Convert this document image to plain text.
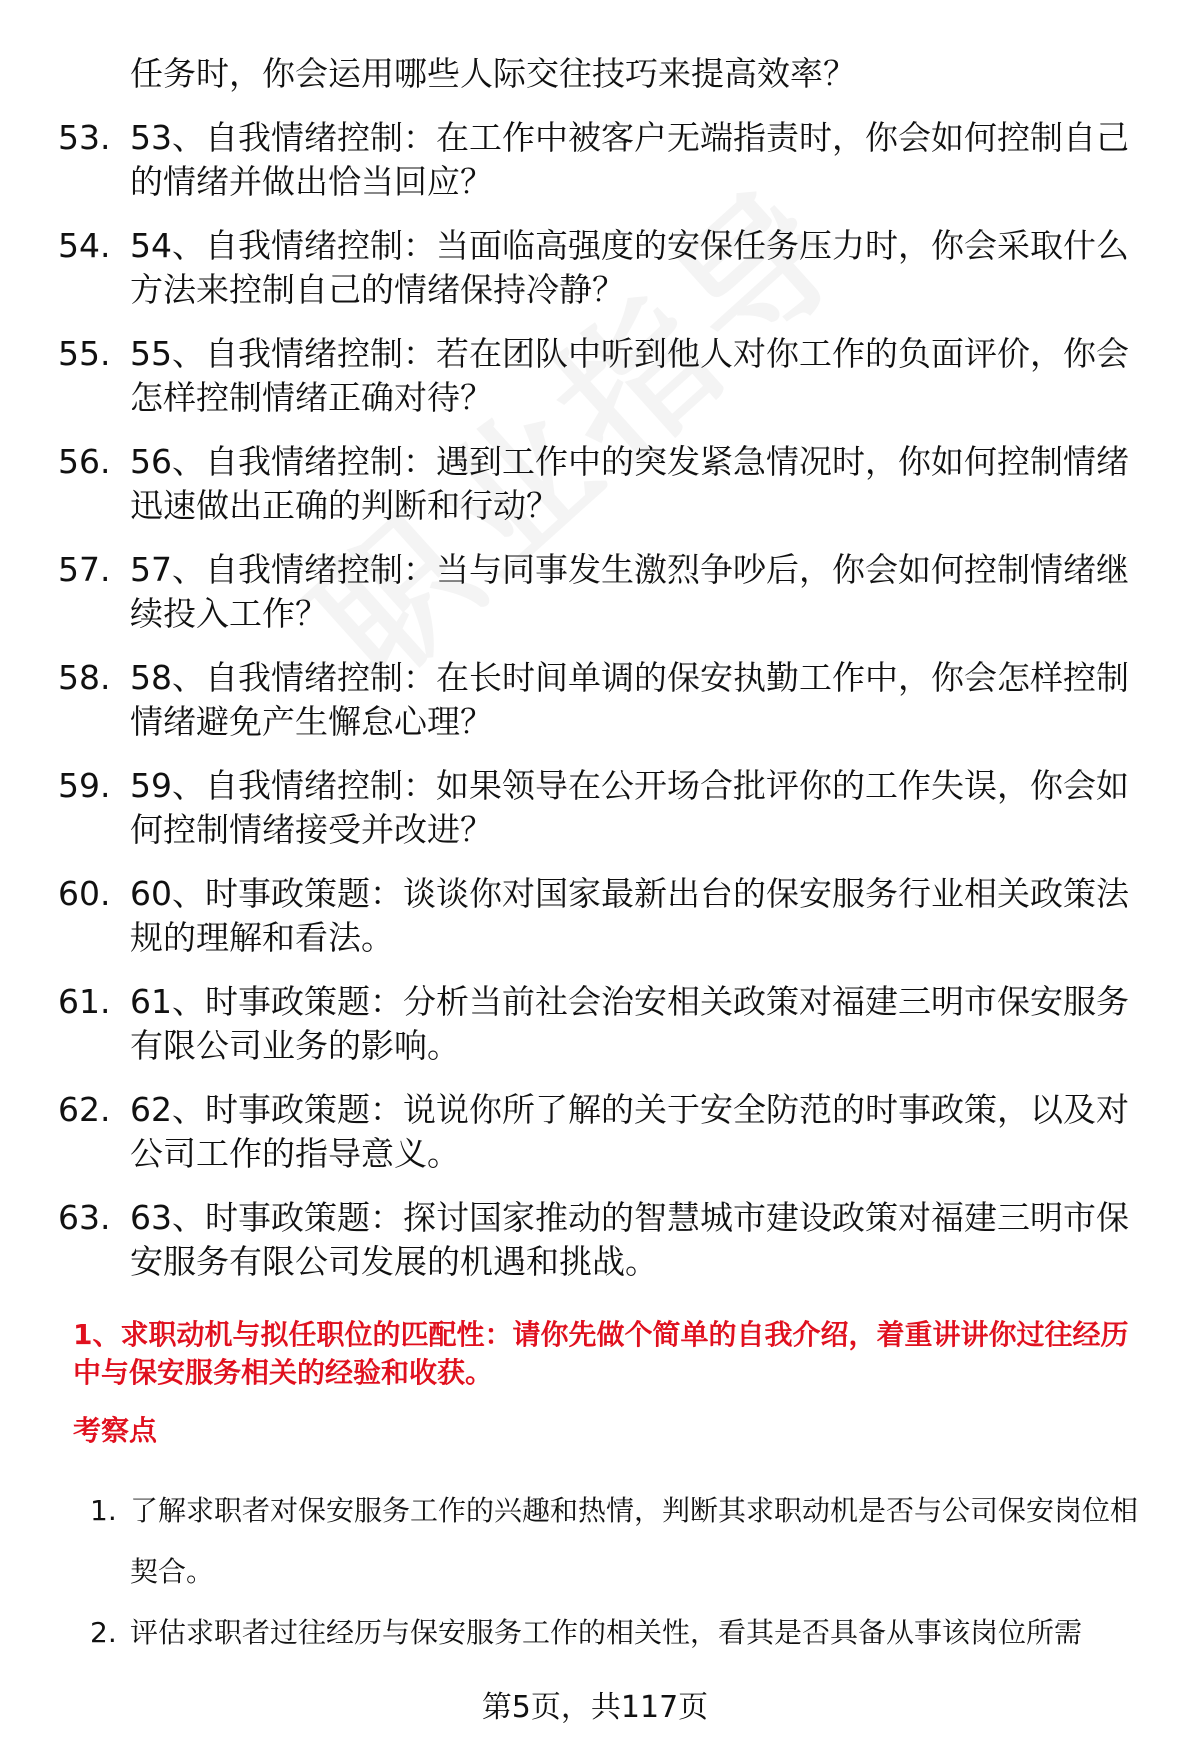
任务时，你会运用哪些人际交往技巧来提高效率？
53. 53、自我情绪控制：在工作中被客户无端指责时，你会如何控制自己的情绪并做出恰当回应？
54. 54、自我情绪控制：当面临高强度的安保任务压力时，你会采取什么方法来控制自己的情绪保持冷静？
55. 55、自我情绪控制：若在团队中听到他人对你工作的负面评价，你会怎样控制情绪正确对待？
56. 56、自我情绪控制：遇到工作中的突发紧急情况时，你如何控制情绪迅速做出正确的判断和行动？
57. 57、自我情绪控制：当与同事发生激烈争吵后，你会如何控制情绪继续投入工作？
58. 58、自我情绪控制：在长时间单调的保安执勤工作中，你会怎样控制情绪避免产生懈怠心理？
59. 59、自我情绪控制：如果领导在公开场合批评你的工作失误，你会如何控制情绪接受并改进？
60. 60、时事政策题：谈谈你对国家最新出台的保安服务行业相关政策法规的理解和看法。
61. 61、时事政策题：分析当前社会治安相关政策对福建三明市保安服务有限公司业务的影响。
62. 62、时事政策题：说说你所了解的关于安全防范的时事政策，以及对公司工作的指导意义。
63. 63、时事政策题：探讨国家推动的智慧城市建设政策对福建三明市保安服务有限公司发展的机遇和挑战。
1、求职动机与拟任职位的匹配性：请你先做个简单的自我介绍，着重讲讲你过往经历中与保安服务相关的经验和收获。
考察点
1. 了解求职者对保安服务工作的兴趣和热情，判断其求职动机是否与公司保安岗位相契合。
2. 评估求职者过往经历与保安服务工作的相关性，看其是否具备从事该岗位所需
第5页，共117页
